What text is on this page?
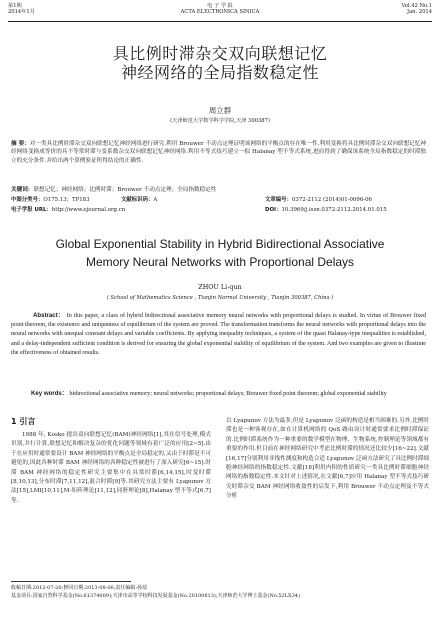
第1期
2014年1月
电 子 学 报
ACTA ELECTRONICA SINICA
Vol.42 No.1
Jan. 2014
具比例时滞杂交双向联想记忆
神经网络的全局指数稳定性
周立群
(天津师范大学数学科学学院,天津 300387)
摘 要：对一类具比例时滞杂交双向联想记忆神经网络进行研究.利用 Brouwer 不动点定理证明该网络的平衡点的存在唯一性.利用变换将具比例时滞杂交双向联想记忆神经网络变换成等价的具不等常时滞与变系数杂交双向联想记忆神经网络.利用不等式技巧建立一拟 Halanay 型不等式系统,进而得到了确保该系统全局指数稳定的时滞独立的充分条件.并给出两个算例验证所得结论的正确性.
关键词：联想记忆；神经网络；比例时滞；Brouwer 不动点定理；全局指数稳定性
中图分类号：O175.13；TP183	文献标识码：A	文章编号：0372-2112 (2014)01-0096-06
电子学报 URL：http://www.ejournal.org.cn	DOI：10.3969/j.issn.0372-2112.2014.01.015
Global Exponential Stability in Hybrid Bidirectional Associative
Memory Neural Networks with Proportional Delays
ZHOU Li-qun
( School of Mathematics Science , Tianjin Normal University , Tianjin 300387, China )
Abstract： In this paper, a class of hybrid bidirectional associative memory neural networks with proportional delays is studied. In virtue of Brouwer fixed point theorem, the existence and uniqueness of equilibrium of the system are proved. The transformation transforms the neural networks with proportional delays into the neural networks with unequal constant delays and variable coefficients. By applying inequality techniques, a system of the quasi Halanay-type inequalities is established, and a delay-independent sufficient condition is derived for ensuring the global exponential stability of equilibrium of the system. And two examples are given to illustrate the effectiveness of obtained results.
Key words： bidirectional associative memory; neural networks; proportional delays; Brouwer fixed point theorem; global exponential stability
1 引言

1988 年, Kosko 提出双向联想记忆(BAM)神经网络[1],其在信号处理,模式识别,并行计算,联想记忆和解决复杂的优化问题等领域有着广泛的应用[2~5].由于在应用时通常要设计 BAM 神经网络的平衡点是全局稳定的,又由于时滞是不可避免的,因此各种时滞 BAM 神经网络的各种稳定性被进行了深入研究[6~15].时滞 BAM 神经网络的稳定性研究主要集中在具常时滞[6,14,15],时变时滞[8,10,13],分布时滞[7,11,12],混合时滞[9]等.其研究方法主要有 Lyapunov 方法[15],LMI[10,11],M-矩阵理论[11,12],同胚理论[8],Halanay 型不等式[6,7]等.

以 Lyapunov 方法为最多,但是 Lyapunov 泛函的构造是相当困难的.另外,比例时滞也是一种客观存在,如在计算机网络的 QoS 路由设计时通常要求比例时滞保证的.比例时滞系统作为一种重要的数学模型在物理、生物系统,控制理论等领域都有重要的作用.但目前在神经网络研究中考虑比例时滞的情况还比较少[16~22].文献[16,17]分别利用非线性测度和构造合适 Lyapunov 泛函方法研究了具比例时滞细胞神经网络的指数稳定性.文献[18]利用内积的性质研究一类具比例时滞细胞神经网络的指数稳定性.本文针对上述情况,在文献[6,7]应用 Halanay 型不等式技巧研究时滞杂交 BAM 神经网络收敛性的启发下,利用 Brouwer 不动点定理及不等式分析

收稿日期:2012-07-20;修回日期:2013-08-06;责任编辑:孙瑶
基金项目:国家自然科学基金(No.61374009);天津市高等学校科技发展基金(No.20100813);天津师范大学博士基金(No.52LX34)
